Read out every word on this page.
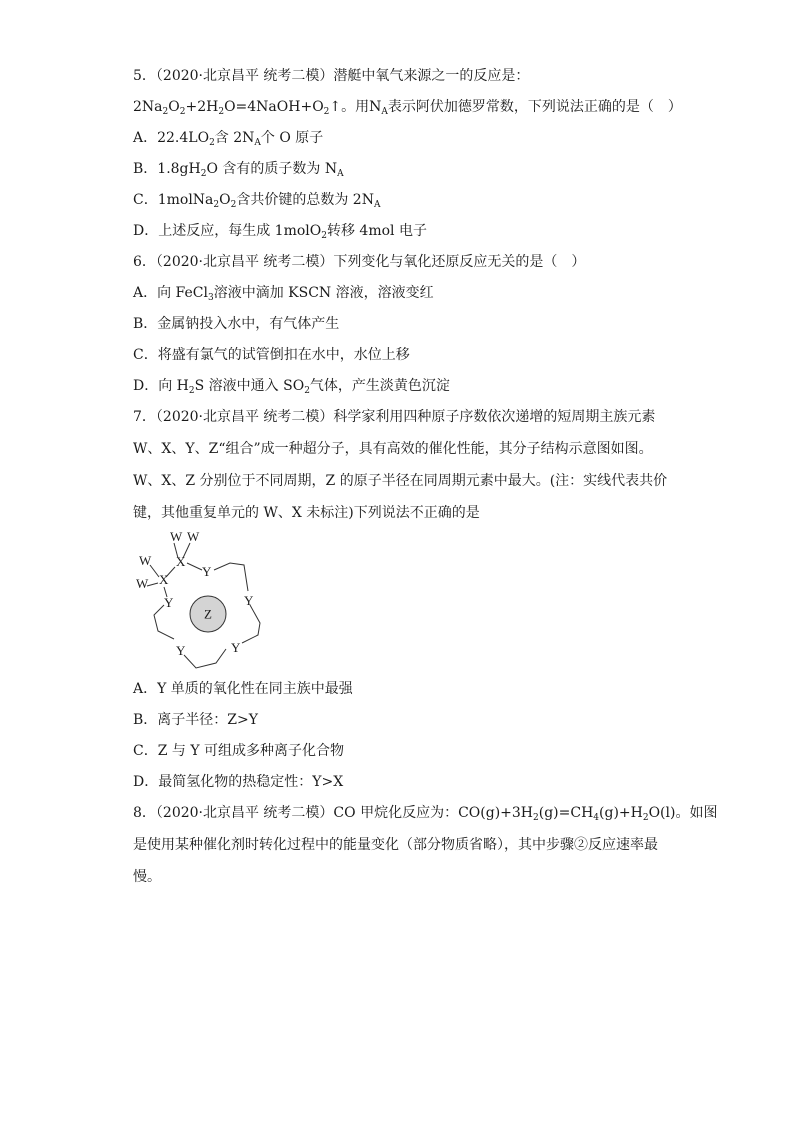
5．（2020·北京昌平 统考二模）潜艇中氧气来源之一的反应是：
$2Na_2O_2+2H_2O=4NaOH+O_2↑$。用$N_A$表示阿伏加德罗常数，下列说法正确的是（　）
A．$22.4LO_2$含 $2N_A$个 O 原子
B．$1.8gH_2O$ 含有的质子数为 $N_A$
C．$1molNa_2O_2$含共价键的总数为 $2N_A$
D．上述反应，每生成 1molO$_2$转移 4mol 电子
6．（2020·北京昌平 统考二模）下列变化与氧化还原反应无关的是（　）
A．向 FeCl$_3$溶液中滴加 KSCN 溶液，溶液变红
B．金属钠投入水中，有气体产生
C．将盛有氯气的试管倒扣在水中，水位上移
D．向 $H_2S$ 溶液中通入 $SO_2$气体，产生淡黄色沉淀
7．（2020·北京昌平 统考二模）科学家利用四种原子序数依次递增的短周期主族元素
W、X、Y、Z“组合”成一种超分子，具有高效的催化性能，其分子结构示意图如图。
W、X、Z 分别位于不同周期，Z 的原子半径在同周期元素中最大。(注：实线代表共价
键，其他重复单元的 W、X 未标注)下列说法不正确的是
Z
W W
X
W
X
W
Y
Y	Y
Y
Y
A．Y 单质的氧化性在同主族中最强
B．离子半径：Z>Y
C．Z 与 Y 可组成多种离子化合物
D．最简氢化物的热稳定性：Y>X
8．（2020·北京昌平 统考二模）CO 甲烷化反应为：$CO(g)+3H_2(g)=CH_4(g)+H_2O(l)$。如图
是使用某种催化剂时转化过程中的能量变化（部分物质省略），其中步骤②反应速率最
慢。
